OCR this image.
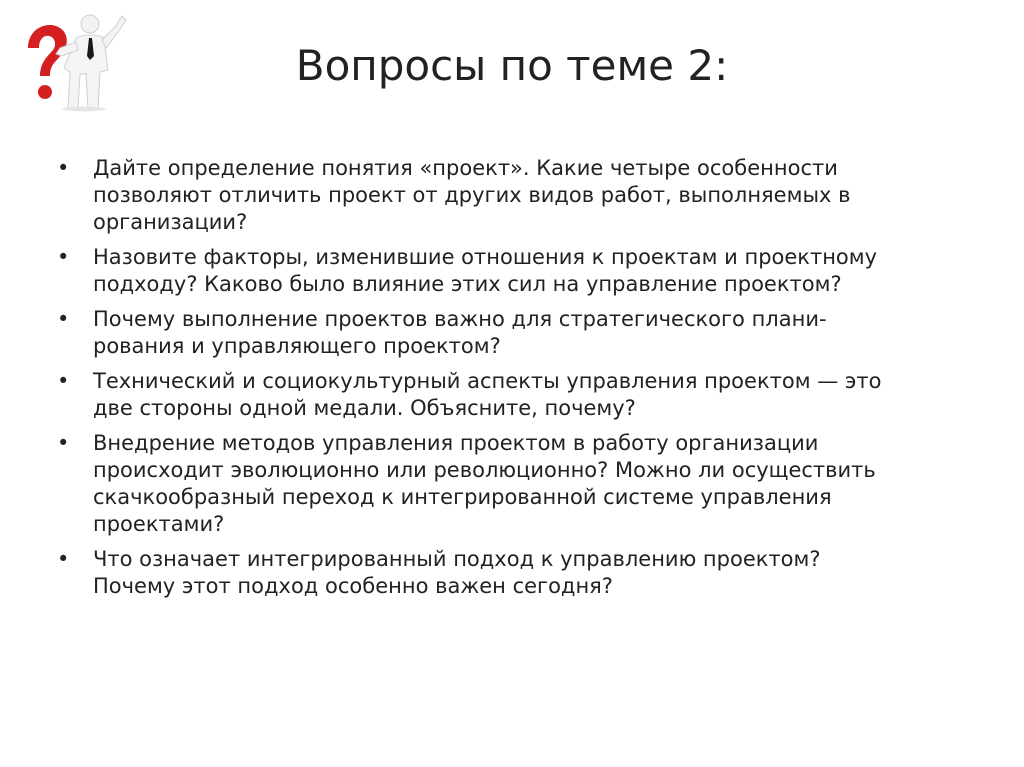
Вопросы по теме 2:
• Дайте определение понятия «проект». Какие четыре особенности
позволяют отличить проект от других видов работ, выполняемых в
организации?
• Назовите факторы, изменившие отношения к проектам и проектному
подходу? Каково было влияние этих сил на управление проектом?
• Почему выполнение проектов важно для стратегического плани-
рования и управляющего проектом?
• Технический и социокультурный аспекты управления проектом — это
две стороны одной медали. Объясните, почему?
• Внедрение методов управления проектом в работу организации
происходит эволюционно или революционно? Можно ли осуществить
скачкообразный переход к интегрированной системе управления
проектами?
• Что означает интегрированный подход к управлению проектом?
Почему этот подход особенно важен сегодня?
